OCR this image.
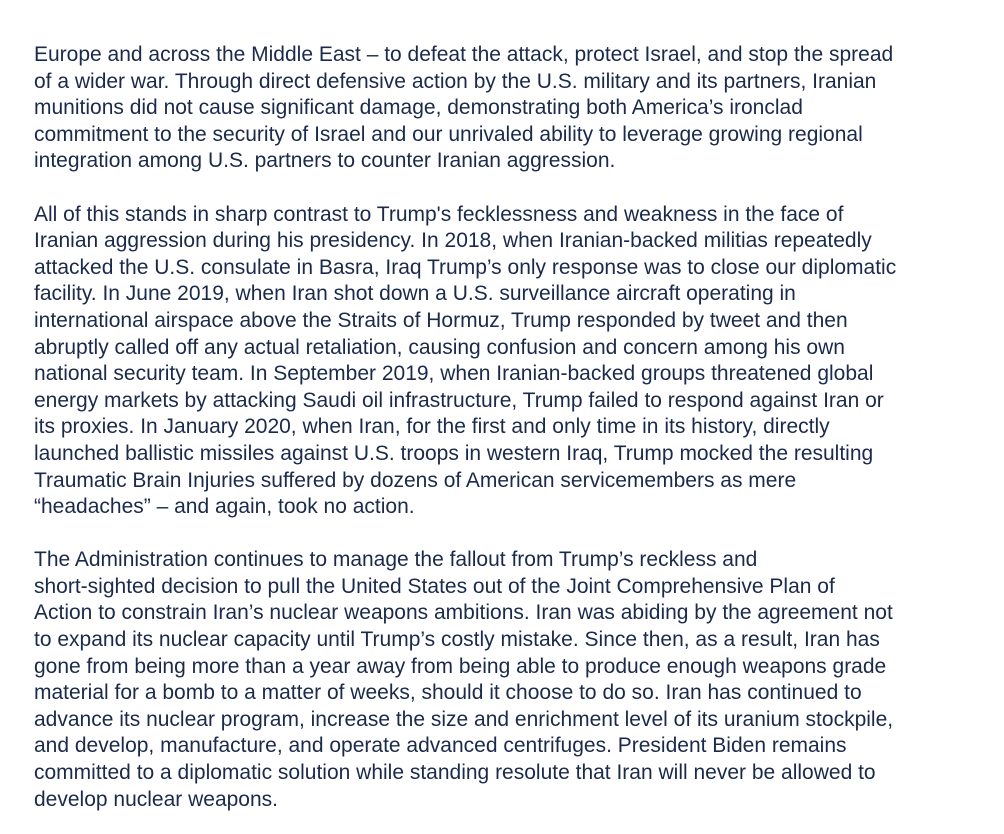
Europe and across the Middle East – to defeat the attack, protect Israel, and stop the spread
of a wider war. Through direct defensive action by the U.S. military and its partners, Iranian
munitions did not cause significant damage, demonstrating both America’s ironclad
commitment to the security of Israel and our unrivaled ability to leverage growing regional
integration among U.S. partners to counter Iranian aggression.

All of this stands in sharp contrast to Trump's fecklessness and weakness in the face of
Iranian aggression during his presidency. In 2018, when Iranian-backed militias repeatedly
attacked the U.S. consulate in Basra, Iraq Trump’s only response was to close our diplomatic
facility. In June 2019, when Iran shot down a U.S. surveillance aircraft operating in
international airspace above the Straits of Hormuz, Trump responded by tweet and then
abruptly called off any actual retaliation, causing confusion and concern among his own
national security team. In September 2019, when Iranian-backed groups threatened global
energy markets by attacking Saudi oil infrastructure, Trump failed to respond against Iran or
its proxies. In January 2020, when Iran, for the first and only time in its history, directly
launched ballistic missiles against U.S. troops in western Iraq, Trump mocked the resulting
Traumatic Brain Injuries suffered by dozens of American servicemembers as mere
“headaches” – and again, took no action.

The Administration continues to manage the fallout from Trump’s reckless and
short-sighted decision to pull the United States out of the Joint Comprehensive Plan of
Action to constrain Iran’s nuclear weapons ambitions. Iran was abiding by the agreement not
to expand its nuclear capacity until Trump’s costly mistake. Since then, as a result, Iran has
gone from being more than a year away from being able to produce enough weapons grade
material for a bomb to a matter of weeks, should it choose to do so. Iran has continued to
advance its nuclear program, increase the size and enrichment level of its uranium stockpile,
and develop, manufacture, and operate advanced centrifuges. President Biden remains
committed to a diplomatic solution while standing resolute that Iran will never be allowed to
develop nuclear weapons.
